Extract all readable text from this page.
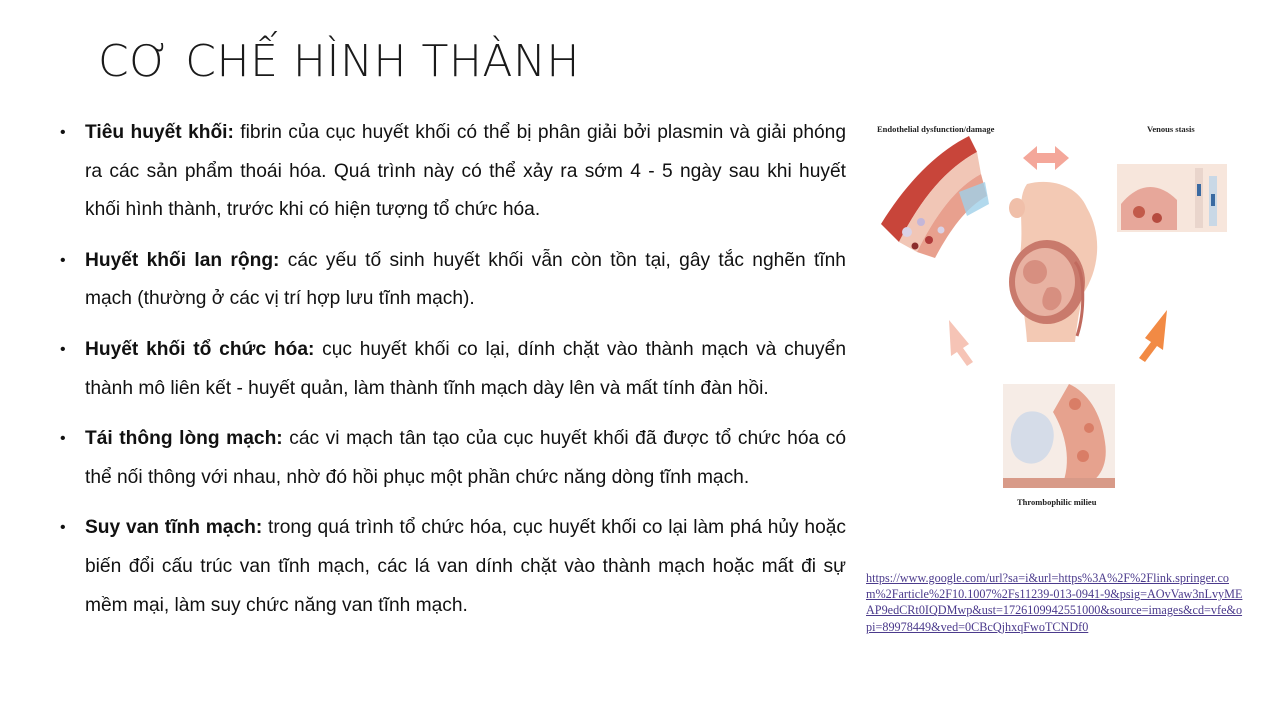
CƠ CHẾ HÌNH THÀNH
• Tiêu huyết khối: fibrin của cục huyết khối có thể bị phân giải bởi plasmin và giải phóng ra các sản phẩm thoái hóa. Quá trình này có thể xảy ra sớm 4 - 5 ngày sau khi huyết khối hình thành, trước khi có hiện tượng tổ chức hóa.
• Huyết khối lan rộng: các yếu tố sinh huyết khối vẫn còn tồn tại, gây tắc nghẽn tĩnh mạch (thường ở các vị trí hợp lưu tĩnh mạch).
• Huyết khối tổ chức hóa: cục huyết khối co lại, dính chặt vào thành mạch và chuyển thành mô liên kết - huyết quản, làm thành tĩnh mạch dày lên và mất tính đàn hồi.
• Tái thông lòng mạch: các vi mạch tân tạo của cục huyết khối đã được tổ chức hóa có thể nối thông với nhau, nhờ đó hồi phục một phần chức năng dòng tĩnh mạch.
• Suy van tĩnh mạch: trong quá trình tổ chức hóa, cục huyết khối co lại làm phá hủy hoặc biến đổi cấu trúc van tĩnh mạch, các lá van dính chặt vào thành mạch hoặc mất đi sự mềm mại, làm suy chức năng van tĩnh mạch.
Endothelial dysfunction/damage	Venous stasis
Thrombophilic milieu
https://www.google.com/url?sa=i&url=https%3A%2F%2Flink.springer.com%2Farticle%2F10.1007%2Fs11239-013-0941-9&psig=AOvVaw3nLvyMEAP9edCRt0IQDMwp&ust=1726109942551000&source=images&cd=vfe&opi=89978449&ved=0CBcQjhxqFwoTCNDf0
